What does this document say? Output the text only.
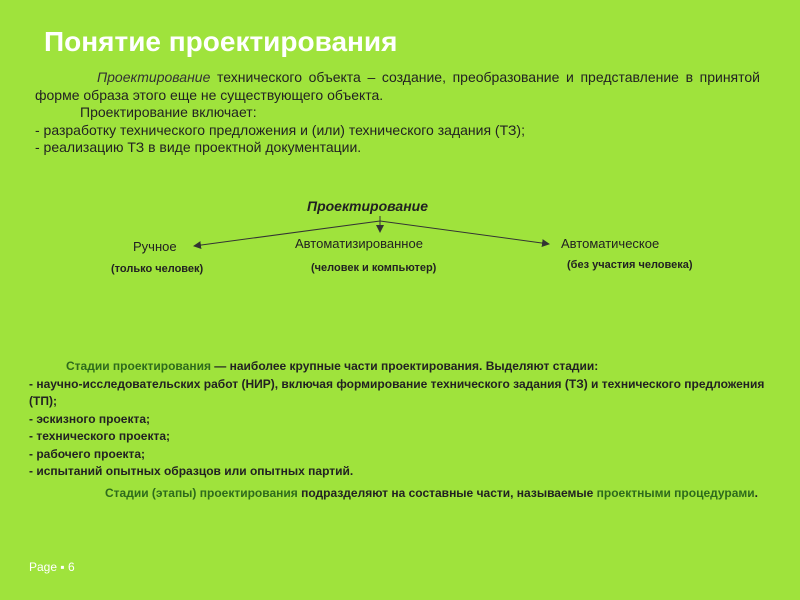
Понятие проектирования

Проектирование технического объекта – создание, преобразование и представление в принятой форме образа этого еще не существующего объекта.

Проектирование включает:

- разработку технического предложения и (или) технического задания (ТЗ);

- реализацию ТЗ в виде проектной документации.

Проектирование
Ручное	Автоматизированное	Автоматическое
(только человек)	(человек и компьютер)	(без участия человека)

Стадии проектирования — наиболее крупные части проектирования. Выделяют стадии:

- научно-исследовательских работ (НИР), включая формирование технического задания (ТЗ) и технического предложения (ТП);

- эскизного проекта;

- технического проекта;

- рабочего проекта;

- испытаний опытных образцов или опытных партий.

Стадии (этапы) проектирования подразделяют на составные части, называемые проектными процедурами.

Page ▪ 6
